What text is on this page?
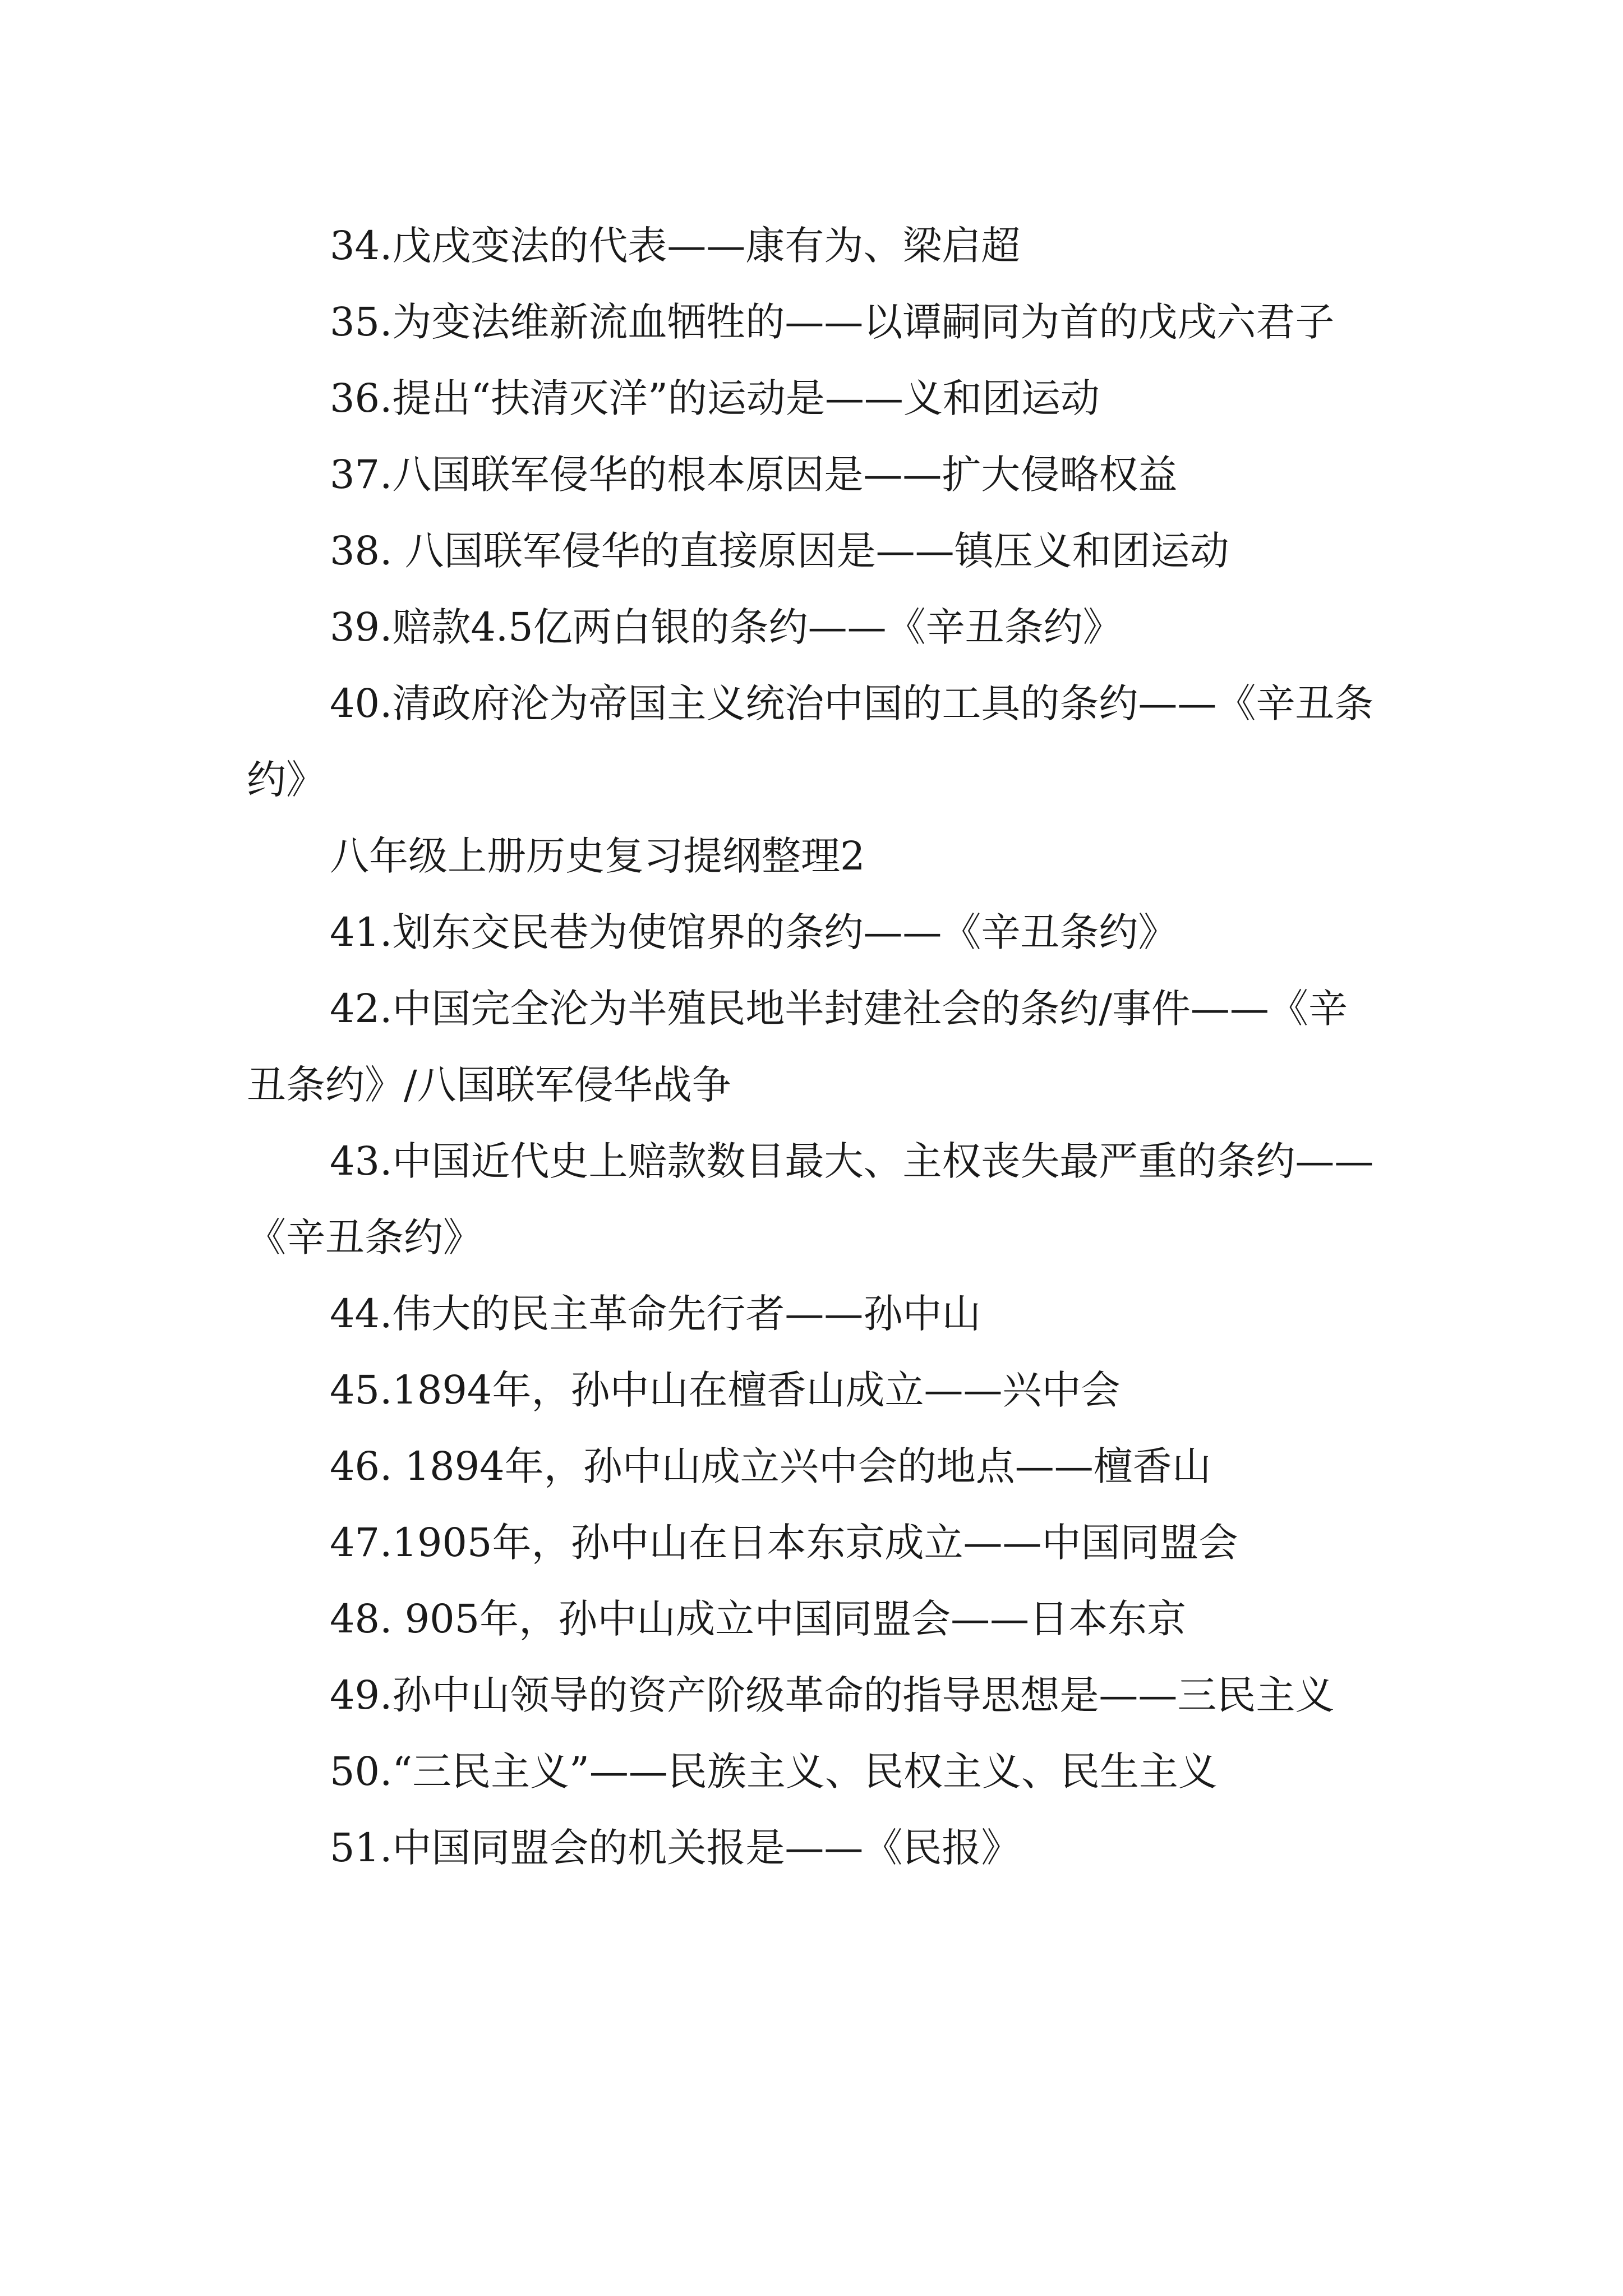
34.戊戌变法的代表——康有为、梁启超

35.为变法维新流血牺牲的——以谭嗣同为首的戊戌六君子

36.提出“扶清灭洋”的运动是——义和团运动

37.八国联军侵华的根本原因是——扩大侵略权益

38. 八国联军侵华的直接原因是——镇压义和团运动

39.赔款4.5亿两白银的条约——《辛丑条约》

40.清政府沦为帝国主义统治中国的工具的条约——《辛丑条约》

八年级上册历史复习提纲整理2

41.划东交民巷为使馆界的条约——《辛丑条约》

42.中国完全沦为半殖民地半封建社会的条约/事件——《辛丑条约》/八国联军侵华战争

43.中国近代史上赔款数目最大、主权丧失最严重的条约——《辛丑条约》

44.伟大的民主革命先行者——孙中山

45.1894年，孙中山在檀香山成立——兴中会

46. 1894年，孙中山成立兴中会的地点——檀香山

47.1905年，孙中山在日本东京成立——中国同盟会

48. 905年，孙中山成立中国同盟会——日本东京

49.孙中山领导的资产阶级革命的指导思想是——三民主义

50.“三民主义”——民族主义、民权主义、民生主义

51.中国同盟会的机关报是——《民报》
